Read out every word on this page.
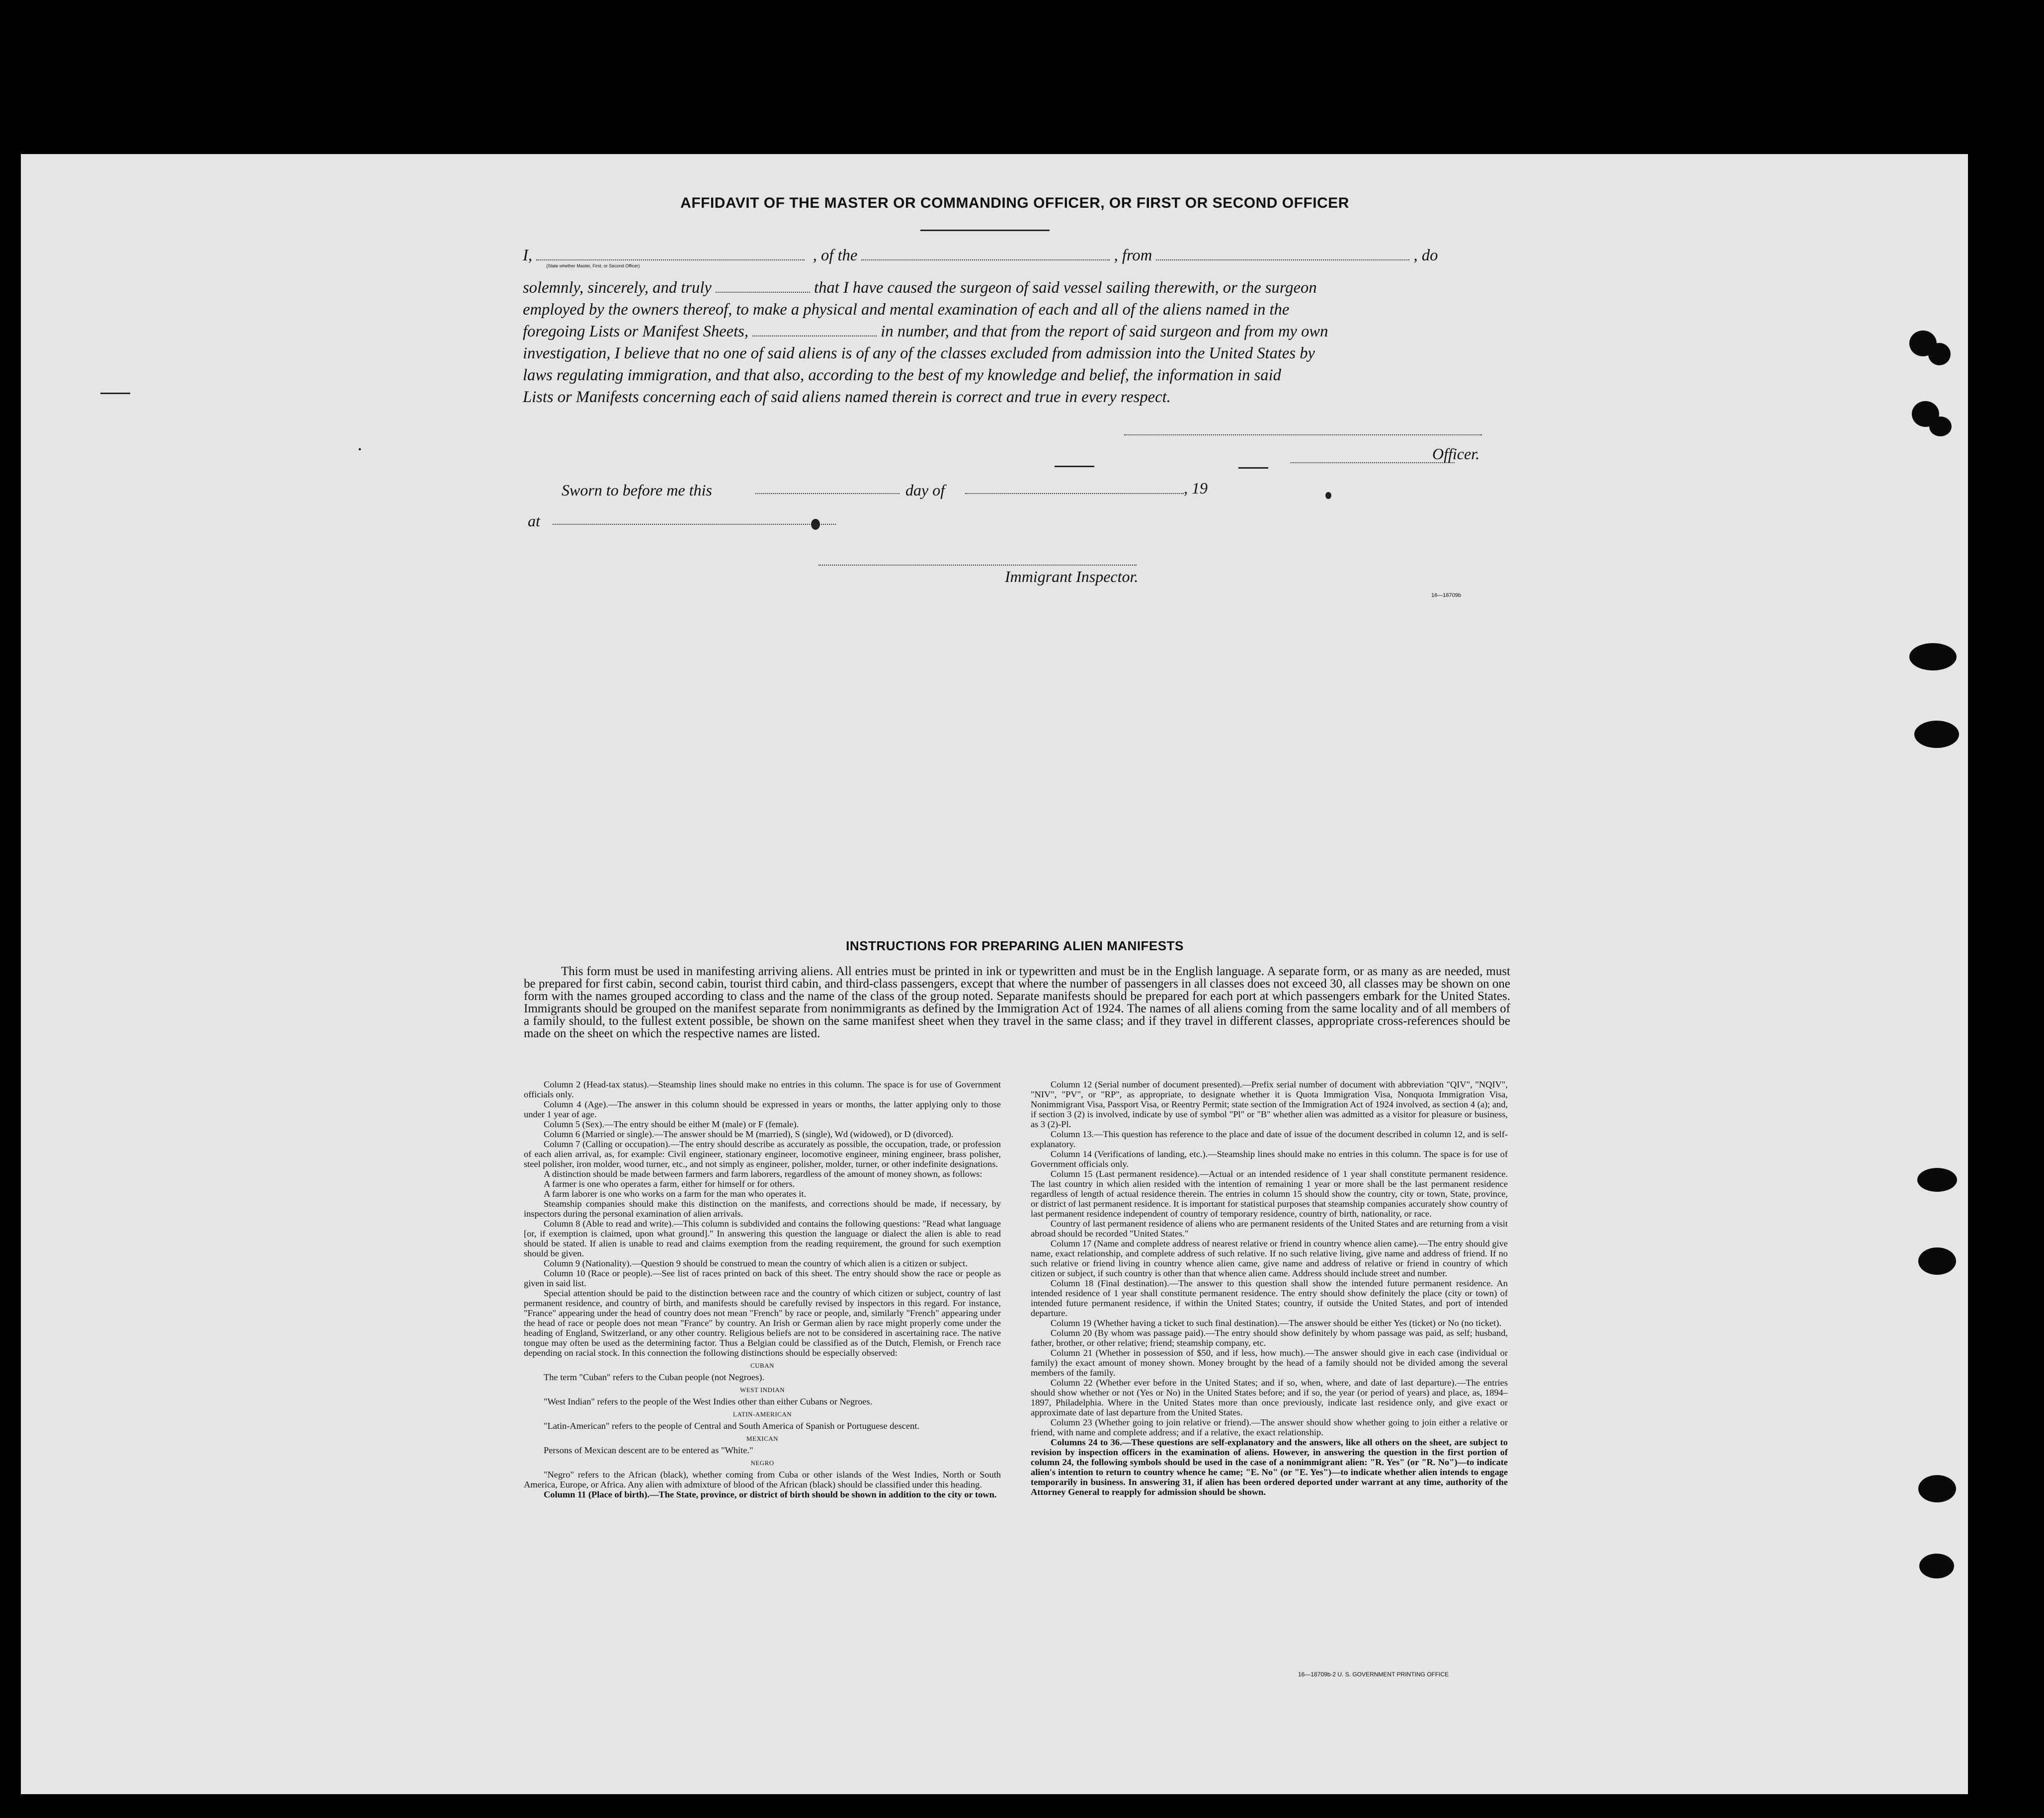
AFFIDAVIT OF THE MASTER OR COMMANDING OFFICER, OR FIRST OR SECOND OFFICER
I, $_{(State whether Master, First, or Second Officer)}$ , of the	, from	, do
solemnly, sincerely, and truly	that I have caused the surgeon of said vessel sailing therewith, or the surgeon
employed by the owners thereof, to make a physical and mental examination of each and all of the aliens named in the
foregoing Lists or Manifest Sheets,	in number, and that from the report of said surgeon and from my own
investigation, I believe that no one of said aliens is of any of the classes excluded from admission into the United States by
laws regulating immigration, and that also, according to the best of my knowledge and belief, the information in said
Lists or Manifests concerning each of said aliens named therein is correct and true in every respect.
Officer.
Sworn to before me this	day of	, 19
at
Immigrant Inspector.
16—18709b
INSTRUCTIONS FOR PREPARING ALIEN MANIFESTS
This form must be used in manifesting arriving aliens. All entries must be printed in ink or typewritten and must be in the English language. A separate form, or as many as are needed, must be prepared for first cabin, second cabin, tourist third cabin, and third-class passengers, except that where the number of passengers in all classes does not exceed 30, all classes may be shown on one form with the names grouped according to class and the name of the class of the group noted. Separate manifests should be prepared for each port at which passengers embark for the United States. Immigrants should be grouped on the manifest separate from nonimmigrants as defined by the Immigration Act of 1924. The names of all aliens coming from the same locality and of all members of a family should, to the fullest extent possible, be shown on the same manifest sheet when they travel in the same class; and if they travel in different classes, appropriate cross-references should be made on the sheet on which the respective names are listed.

Column 2 (Head-tax status).—Steamship lines should make no entries in this column. The space is for use of Government officials only.

Column 4 (Age).—The answer in this column should be expressed in years or months, the latter applying only to those under 1 year of age.

Column 5 (Sex).—The entry should be either M (male) or F (female).

Column 6 (Married or single).—The answer should be M (married), S (single), Wd (widowed), or D (divorced).

Column 7 (Calling or occupation).—The entry should describe as accurately as possible, the occupation, trade, or profession of each alien arrival, as, for example: Civil engineer, stationary engineer, locomotive engineer, mining engineer, brass polisher, steel polisher, iron molder, wood turner, etc., and not simply as engineer, polisher, molder, turner, or other indefinite designations.

A distinction should be made between farmers and farm laborers, regardless of the amount of money shown, as follows:

A farmer is one who operates a farm, either for himself or for others.

A farm laborer is one who works on a farm for the man who operates it.

Steamship companies should make this distinction on the manifests, and corrections should be made, if necessary, by inspectors during the personal examination of alien arrivals.

Column 8 (Able to read and write).—This column is subdivided and contains the following questions: "Read what language [or, if exemption is claimed, upon what ground]." In answering this question the language or dialect the alien is able to read should be stated. If alien is unable to read and claims exemption from the reading requirement, the ground for such exemption should be given.

Column 9 (Nationality).—Question 9 should be construed to mean the country of which alien is a citizen or subject.

Column 10 (Race or people).—See list of races printed on back of this sheet. The entry should show the race or people as given in said list.

Special attention should be paid to the distinction between race and the country of which citizen or subject, country of last permanent residence, and country of birth, and manifests should be carefully revised by inspectors in this regard. For instance, "France" appearing under the head of country does not mean "French" by race or people, and, similarly "French" appearing under the head of race or people does not mean "France" by country. An Irish or German alien by race might properly come under the heading of England, Switzerland, or any other country. Religious beliefs are not to be considered in ascertaining race. The native tongue may often be used as the determining factor. Thus a Belgian could be classified as of the Dutch, Flemish, or French race depending on racial stock. In this connection the following distinctions should be especially observed:

CUBAN

The term "Cuban" refers to the Cuban people (not Negroes).

WEST INDIAN

"West Indian" refers to the people of the West Indies other than either Cubans or Negroes.

LATIN-AMERICAN

"Latin-American" refers to the people of Central and South America of Spanish or Portuguese descent.

MEXICAN

Persons of Mexican descent are to be entered as "White."

NEGRO

"Negro" refers to the African (black), whether coming from Cuba or other islands of the West Indies, North or South America, Europe, or Africa. Any alien with admixture of blood of the African (black) should be classified under this heading.

Column 11 (Place of birth).—The State, province, or district of birth should be shown in addition to the city or town.

Column 12 (Serial number of document presented).—Prefix serial number of document with abbreviation "QIV", "NQIV", "NIV", "PV", or "RP", as appropriate, to designate whether it is Quota Immigration Visa, Nonquota Immigration Visa, Nonimmigrant Visa, Passport Visa, or Reentry Permit; state section of the Immigration Act of 1924 involved, as section 4 (a); and, if section 3 (2) is involved, indicate by use of symbol "Pl" or "B" whether alien was admitted as a visitor for pleasure or business, as 3 (2)-Pl.

Column 13.—This question has reference to the place and date of issue of the document described in column 12, and is self-explanatory.

Column 14 (Verifications of landing, etc.).—Steamship lines should make no entries in this column. The space is for use of Government officials only.

Column 15 (Last permanent residence).—Actual or an intended residence of 1 year shall constitute permanent residence. The last country in which alien resided with the intention of remaining 1 year or more shall be the last permanent residence regardless of length of actual residence therein. The entries in column 15 should show the country, city or town, State, province, or district of last permanent residence. It is important for statistical purposes that steamship companies accurately show country of last permanent residence independent of country of temporary residence, country of birth, nationality, or race.

Country of last permanent residence of aliens who are permanent residents of the United States and are returning from a visit abroad should be recorded "United States."

Column 17 (Name and complete address of nearest relative or friend in country whence alien came).—The entry should give name, exact relationship, and complete address of such relative. If no such relative living, give name and address of friend. If no such relative or friend living in country whence alien came, give name and address of relative or friend in country of which citizen or subject, if such country is other than that whence alien came. Address should include street and number.

Column 18 (Final destination).—The answer to this question shall show the intended future permanent residence. An intended residence of 1 year shall constitute permanent residence. The entry should show definitely the place (city or town) of intended future permanent residence, if within the United States; country, if outside the United States, and port of intended departure.

Column 19 (Whether having a ticket to such final destination).—The answer should be either Yes (ticket) or No (no ticket).

Column 20 (By whom was passage paid).—The entry should show definitely by whom passage was paid, as self; husband, father, brother, or other relative; friend; steamship company, etc.

Column 21 (Whether in possession of $50, and if less, how much).—The answer should give in each case (individual or family) the exact amount of money shown. Money brought by the head of a family should not be divided among the several members of the family.

Column 22 (Whether ever before in the United States; and if so, when, where, and date of last departure).—The entries should show whether or not (Yes or No) in the United States before; and if so, the year (or period of years) and place, as, 1894–1897, Philadelphia. Where in the United States more than once previously, indicate last residence only, and give exact or approximate date of last departure from the United States.

Column 23 (Whether going to join relative or friend).—The answer should show whether going to join either a relative or friend, with name and complete address; and if a relative, the exact relationship.

Columns 24 to 36.—These questions are self-explanatory and the answers, like all others on the sheet, are subject to revision by inspection officers in the examination of aliens. However, in answering the question in the first portion of column 24, the following symbols should be used in the case of a nonimmigrant alien: "R. Yes" (or "R. No")—to indicate alien's intention to return to country whence he came; "E. No" (or "E. Yes")—to indicate whether alien intends to engage temporarily in business. In answering 31, if alien has been ordered deported under warrant at any time, authority of the Attorney General to reapply for admission should be shown.

16—18709b-2 U. S. GOVERNMENT PRINTING OFFICE
